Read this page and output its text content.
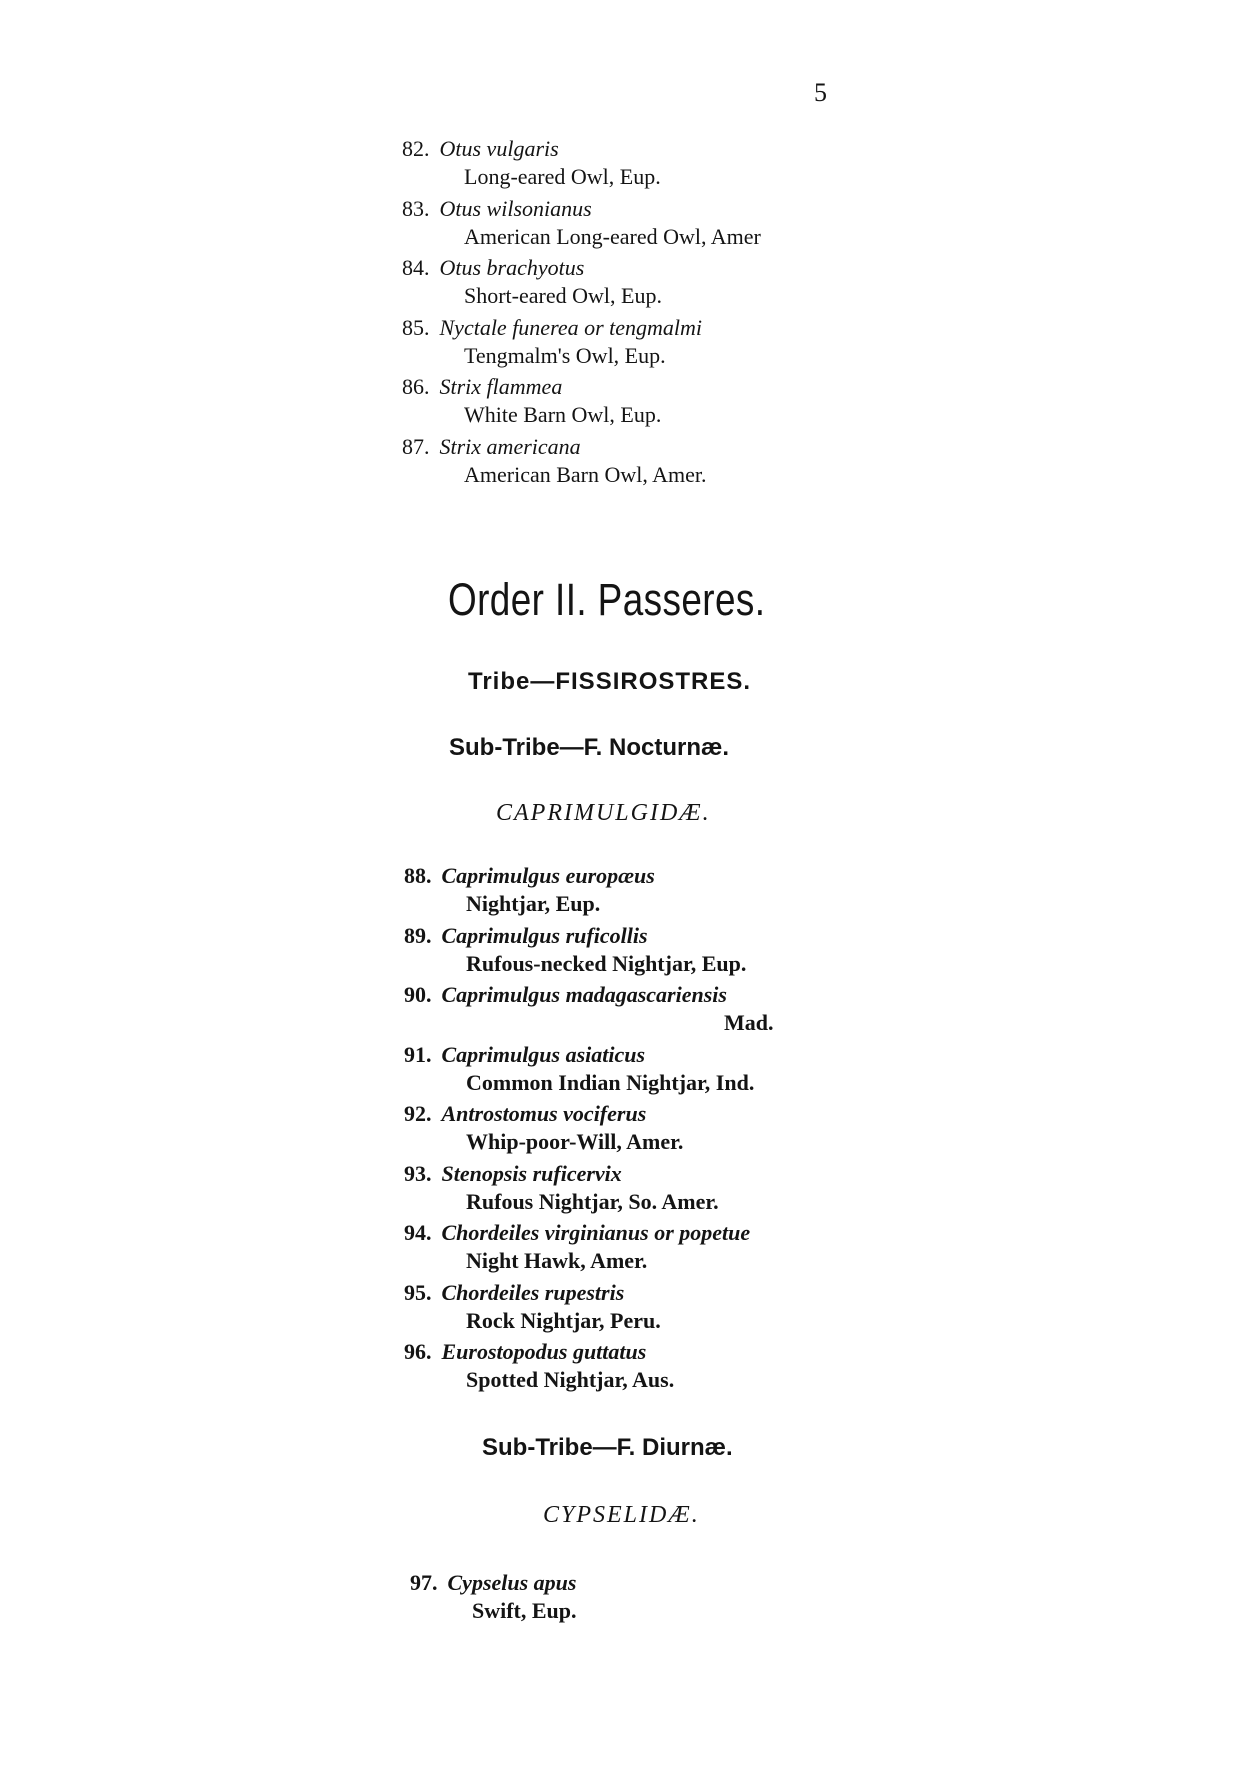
5
82. Otus vulgaris
Long-eared Owl, Eup.
83. Otus wilsonianus
American Long-eared Owl, Amer
84. Otus brachyotus
Short-eared Owl, Eup.
85. Nyctale funerea or tengmalmi
Tengmalm's Owl, Eup.
86. Strix flammea
White Barn Owl, Eup.
87. Strix americana
American Barn Owl, Amer.
Order II. Passeres.
Tribe—FISSIROSTRES.
Sub-Tribe—F. Nocturnæ.
CAPRIMULGIDÆ.
88. Caprimulgus europæus
Nightjar, Eup.
89. Caprimulgus ruficollis
Rufous-necked Nightjar, Eup.
90. Caprimulgus madagascariensis
Mad.
91. Caprimulgus asiaticus
Common Indian Nightjar, Ind.
92. Antrostomus vociferus
Whip-poor-Will, Amer.
93. Stenopsis ruficervix
Rufous Nightjar, So. Amer.
94. Chordeiles virginianus or popetue
Night Hawk, Amer.
95. Chordeiles rupestris
Rock Nightjar, Peru.
96. Eurostopodus guttatus
Spotted Nightjar, Aus.
Sub-Tribe—F. Diurnæ.
CYPSELIDÆ.
97. Cypselus apus
Swift, Eup.
